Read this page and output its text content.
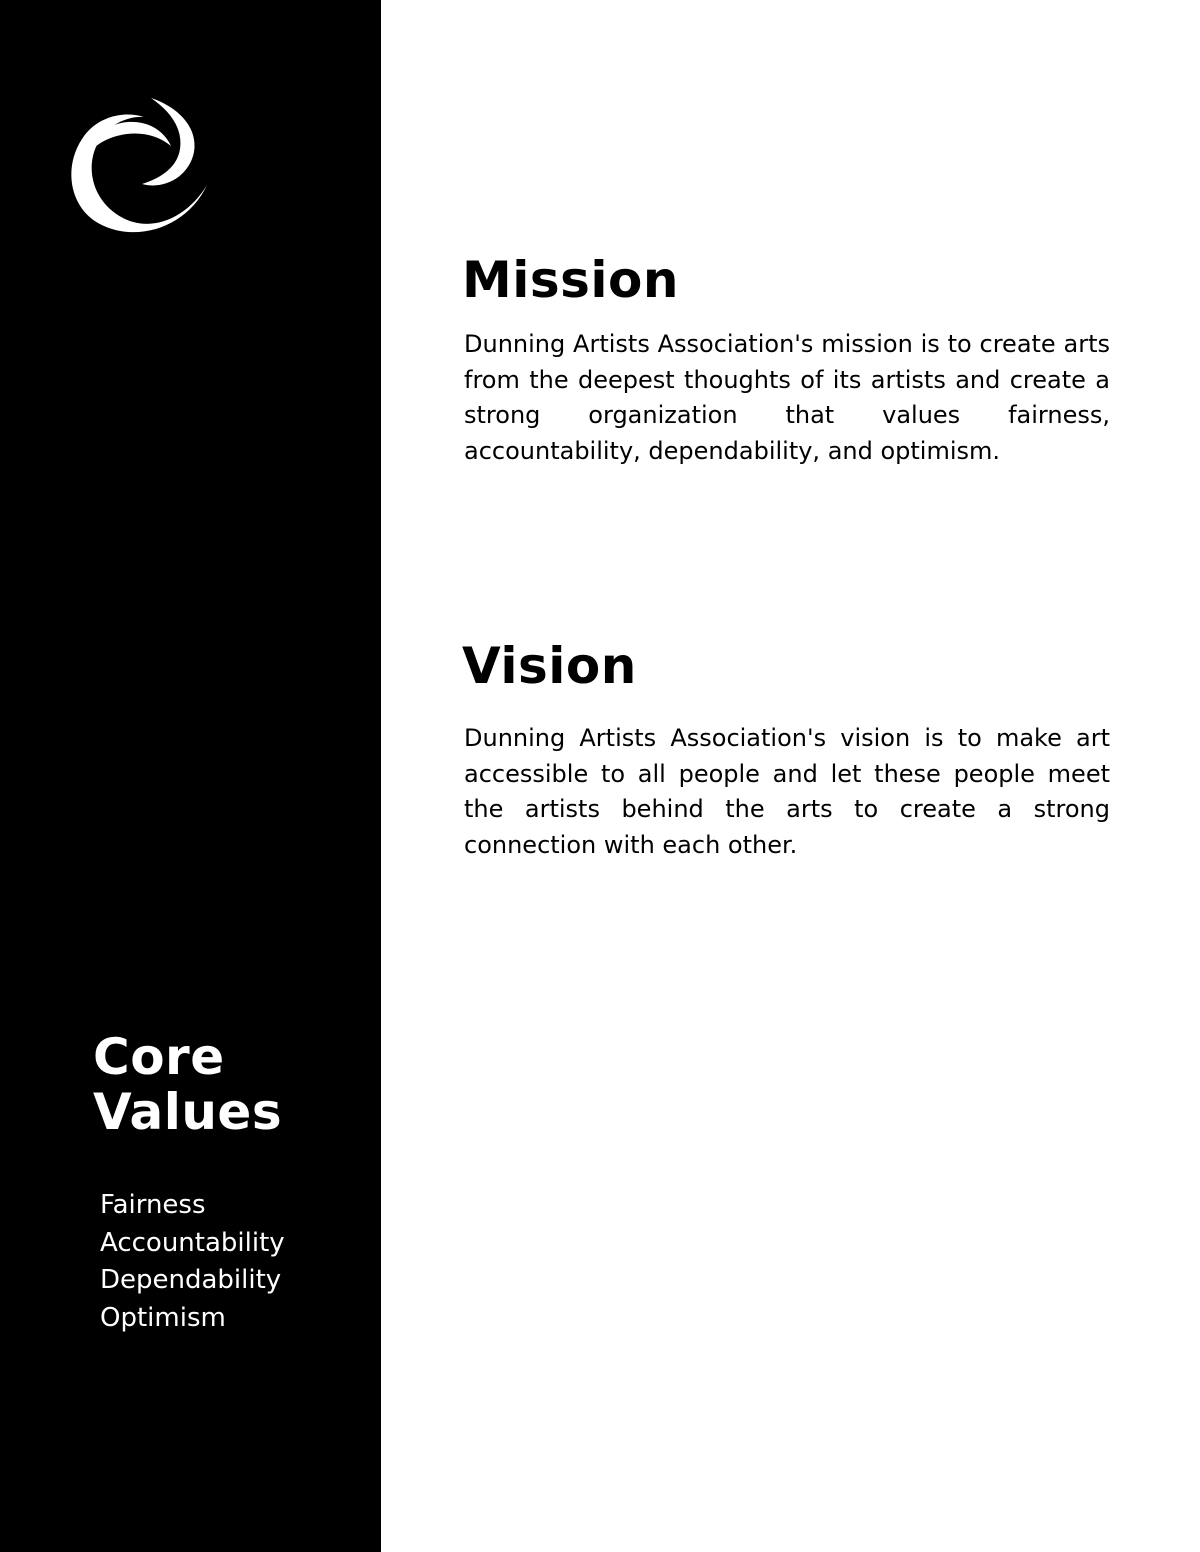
Core
Values
Fairness
Accountability
Dependability
Optimism
Mission

Dunning Artists Association's mission is to create arts from the deepest thoughts of its artists and create a strong organization that values fairness, accountability, dependability, and optimism.

Vision

Dunning Artists Association's vision is to make art accessible to all people and let these people meet the artists behind the arts to create a strong connection with each other.
